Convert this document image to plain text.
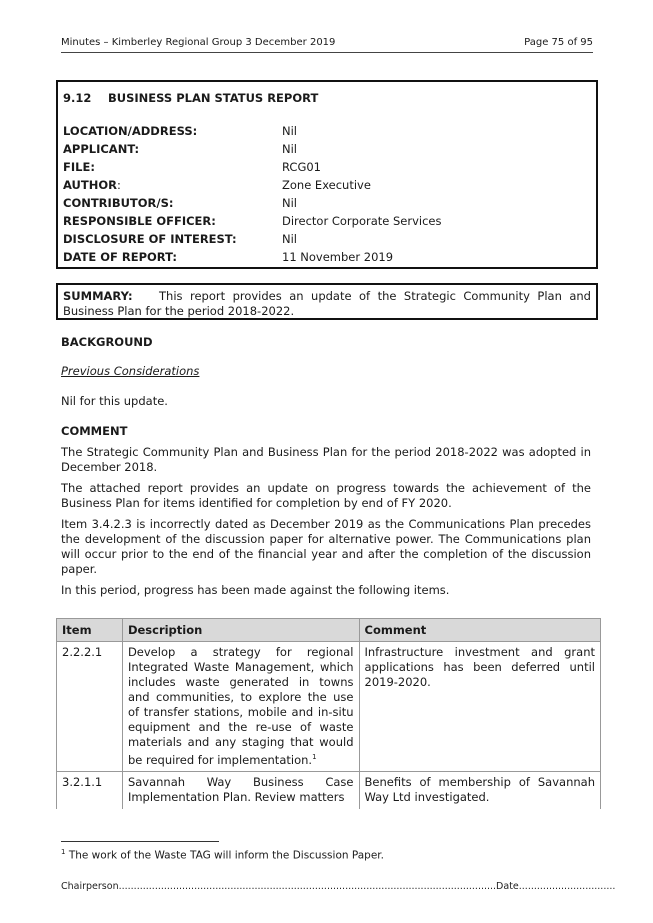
Minutes – Kimberley Regional Group 3 December 2019	Page 75 of 95
9.12 BUSINESS PLAN STATUS REPORT
LOCATION/ADDRESS:	Nil
APPLICANT:	Nil
FILE:	RCG01
AUTHOR:	Zone Executive
CONTRIBUTOR/S:	Nil
RESPONSIBLE OFFICER:	Director Corporate Services
DISCLOSURE OF INTEREST:	Nil
DATE OF REPORT:	11 November 2019
SUMMARY: This report provides an update of the Strategic Community Plan and Business Plan for the period 2018-2022.
BACKGROUND
Previous Considerations
Nil for this update.
COMMENT
The Strategic Community Plan and Business Plan for the period 2018-2022 was adopted in December 2018.
The attached report provides an update on progress towards the achievement of the Business Plan for items identified for completion by end of FY 2020.
Item 3.4.2.3 is incorrectly dated as December 2019 as the Communications Plan precedes the development of the discussion paper for alternative power. The Communications plan will occur prior to the end of the financial year and after the completion of the discussion paper.
In this period, progress has been made against the following items.
Item	Description	Comment
2.2.2.1	Develop a strategy for regional Integrated Waste Management, which includes waste generated in towns and communities, to explore the use of transfer stations, mobile and in-situ equipment and the re-use of waste materials and any staging that would be required for implementation.$^1$	Infrastructure investment and grant applications has been deferred until 2019-2020.
3.2.1.1	Savannah Way Business Case Implementation Plan. Review matters	Benefits of membership of Savannah Way Ltd investigated.
$^1$ The work of the Waste TAG will inform the Discussion Paper.
Chairperson.............................................................................................................................Date................................
